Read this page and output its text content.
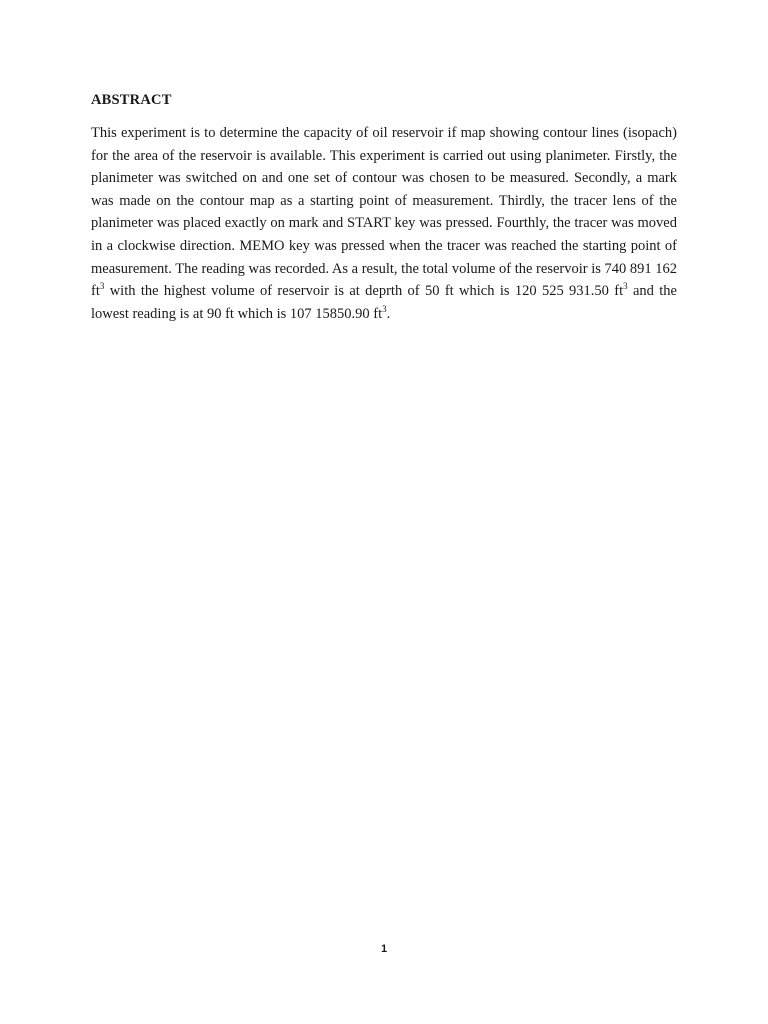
ABSTRACT

This experiment is to determine the capacity of oil reservoir if map showing contour lines (isopach) for the area of the reservoir is available. This experiment is carried out using planimeter. Firstly, the planimeter was switched on and one set of contour was chosen to be measured. Secondly, a mark was made on the contour map as a starting point of measurement. Thirdly, the tracer lens of the planimeter was placed exactly on mark and START key was pressed. Fourthly, the tracer was moved in a clockwise direction. MEMO key was pressed when the tracer was reached the starting point of measurement. The reading was recorded. As a result, the total volume of the reservoir is 740 891 162 $ft^3$ with the highest volume of reservoir is at deprth of 50 ft which is 120 525 931.50 $ft^3$ and the lowest reading is at 90 ft which is 107 15850.90 $ft^3$.

1
